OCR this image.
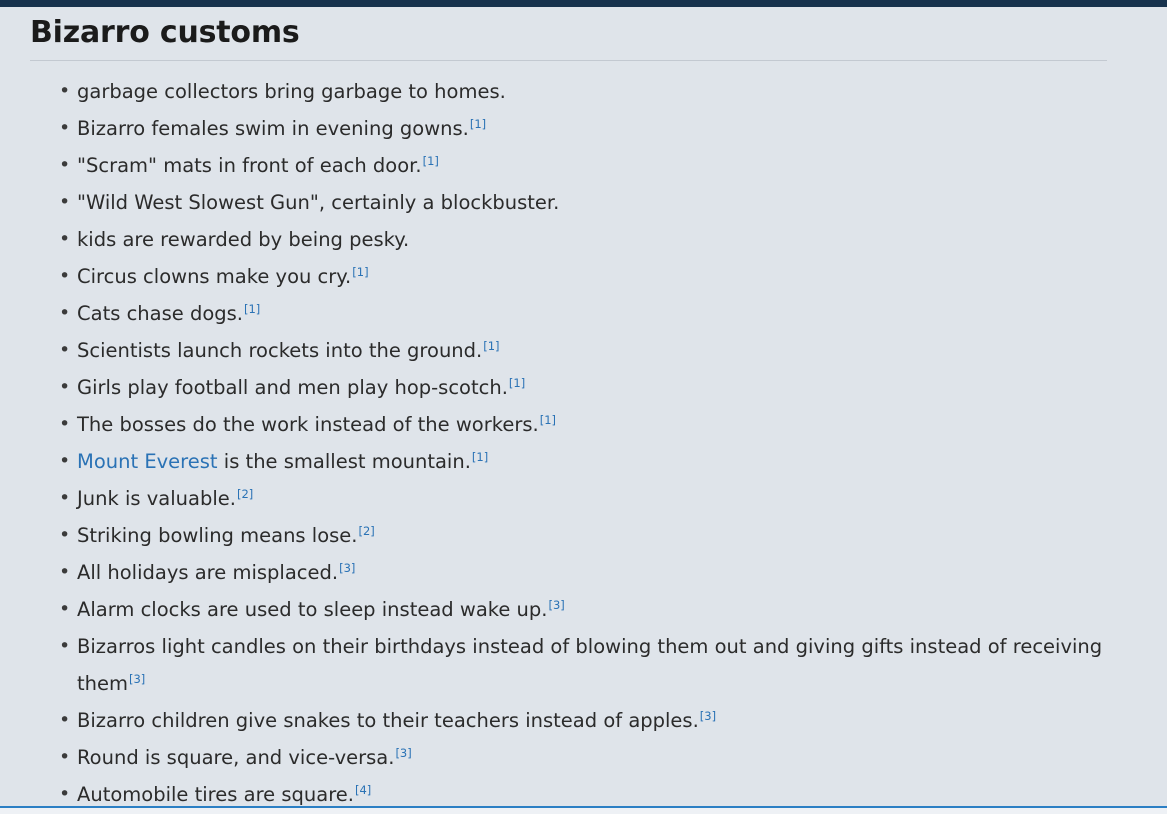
Bizarro customs
• garbage collectors bring garbage to homes.
• Bizarro females swim in evening gowns.[1]
• "Scram" mats in front of each door.[1]
• "Wild West Slowest Gun", certainly a blockbuster.
• kids are rewarded by being pesky.
• Circus clowns make you cry.[1]
• Cats chase dogs.[1]
• Scientists launch rockets into the ground.[1]
• Girls play football and men play hop-scotch.[1]
• The bosses do the work instead of the workers.[1]
• Mount Everest is the smallest mountain.[1]
• Junk is valuable.[2]
• Striking bowling means lose.[2]
• All holidays are misplaced.[3]
• Alarm clocks are used to sleep instead wake up.[3]
• Bizarros light candles on their birthdays instead of blowing them out and giving gifts instead of receiving them[3]
• Bizarro children give snakes to their teachers instead of apples.[3]
• Round is square, and vice-versa.[3]
• Automobile tires are square.[4]
